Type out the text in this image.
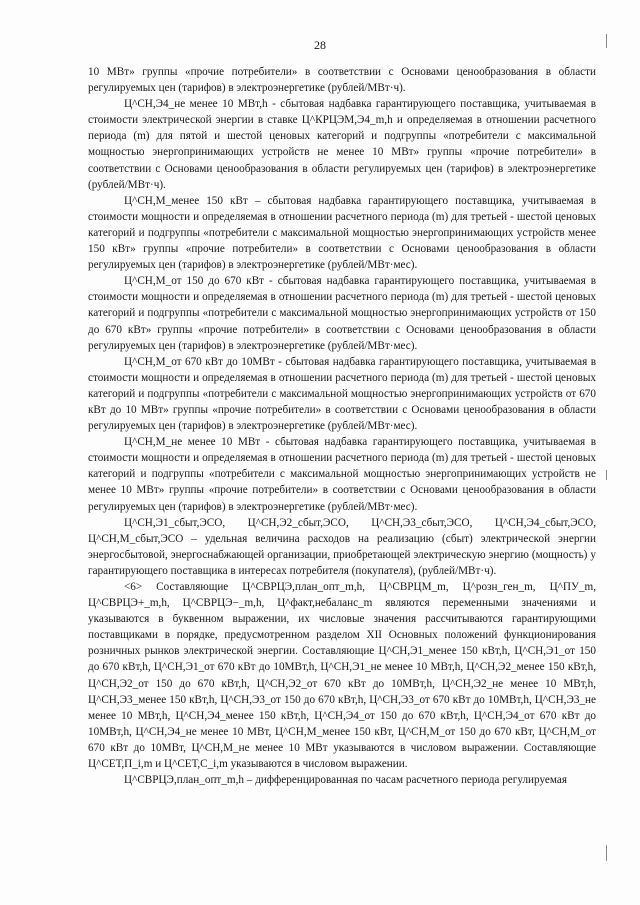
28

10 МВт» группы «прочие потребители» в соответствии с Основами ценообразования в области регулируемых цен (тарифов) в электроэнергетике (рублей/МВт·ч).

Ц^СН,Э4_не менее 10 МВт,h - сбытовая надбавка гарантирующего поставщика, учитываемая в стоимости электрической энергии в ставке Ц^КРЦЭМ,Э4_m,h и определяемая в отношении расчетного периода (m) для пятой и шестой ценовых категорий и подгруппы «потребители с максимальной мощностью энергопринимающих устройств не менее 10 МВт» группы «прочие потребители» в соответствии с Основами ценообразования в области регулируемых цен (тарифов) в электроэнергетике (рублей/МВт·ч).

Ц^СН,М_менее 150 кВт – сбытовая надбавка гарантирующего поставщика, учитываемая в стоимости мощности и определяемая в отношении расчетного периода (m) для третьей - шестой ценовых категорий и подгруппы «потребители с максимальной мощностью энергопринимающих устройств менее 150 кВт» группы «прочие потребители» в соответствии с Основами ценообразования в области регулируемых цен (тарифов) в электроэнергетике (рублей/МВт·мес).

Ц^СН,М_от 150 до 670 кВт - сбытовая надбавка гарантирующего поставщика, учитываемая в стоимости мощности и определяемая в отношении расчетного периода (m) для третьей - шестой ценовых категорий и подгруппы «потребители с максимальной мощностью энергопринимающих устройств от 150 до 670 кВт» группы «прочие потребители» в соответствии с Основами ценообразования в области регулируемых цен (тарифов) в электроэнергетике (рублей/МВт·мес).

Ц^СН,М_от 670 кВт до 10МВт - сбытовая надбавка гарантирующего поставщика, учитываемая в стоимости мощности и определяемая в отношении расчетного периода (m) для третьей - шестой ценовых категорий и подгруппы «потребители с максимальной мощностью энергопринимающих устройств от 670 кВт до 10 МВт» группы «прочие потребители» в соответствии с Основами ценообразования в области регулируемых цен (тарифов) в электроэнергетике (рублей/МВт·мес).

Ц^СН,М_не менее 10 МВт - сбытовая надбавка гарантирующего поставщика, учитываемая в стоимости мощности и определяемая в отношении расчетного периода (m) для третьей - шестой ценовых категорий и подгруппы «потребители с максимальной мощностью энергопринимающих устройств не менее 10 МВт» группы «прочие потребители» в соответствии с Основами ценообразования в области регулируемых цен (тарифов) в электроэнергетике (рублей/МВт·мес).

Ц^СН,Э1_сбыт,ЭСО, Ц^СН,Э2_сбыт,ЭСО, Ц^СН,Э3_сбыт,ЭСО, Ц^СН,Э4_сбыт,ЭСО, Ц^СН,М_сбыт,ЭСО – удельная величина расходов на реализацию (сбыт) электрической энергии энергосбытовой, энергоснабжающей организации, приобретающей электрическую энергию (мощность) у гарантирующего поставщика в интересах потребителя (покупателя), (рублей/МВт·ч).

<6> Составляющие Ц^СВРЦЭ,план_опт_m,h, Ц^СВРЦМ_m, Ц^розн_ген_m, Ц^ПУ_m, Ц^СВРЦЭ+_m,h, Ц^СВРЦЭ−_m,h, Ц^факт,небаланс_m являются переменными значениями и указываются в буквенном выражении, их числовые значения рассчитываются гарантирующими поставщиками в порядке, предусмотренном разделом XII Основных положений функционирования розничных рынков электрической энергии. Составляющие Ц^СН,Э1_менее 150 кВт,h, Ц^СН,Э1_от 150 до 670 кВт,h, Ц^СН,Э1_от 670 кВт до 10МВт,h, Ц^СН,Э1_не менее 10 МВт,h, Ц^СН,Э2_менее 150 кВт,h, Ц^СН,Э2_от 150 до 670 кВт,h, Ц^СН,Э2_от 670 кВт до 10МВт,h, Ц^СН,Э2_не менее 10 МВт,h, Ц^СН,Э3_менее 150 кВт,h, Ц^СН,Э3_от 150 до 670 кВт,h, Ц^СН,Э3_от 670 кВт до 10МВт,h, Ц^СН,Э3_не менее 10 МВт,h, Ц^СН,Э4_менее 150 кВт,h, Ц^СН,Э4_от 150 до 670 кВт,h, Ц^СН,Э4_от 670 кВт до 10МВт,h, Ц^СН,Э4_не менее 10 МВт, Ц^СН,М_менее 150 кВт, Ц^СН,М_от 150 до 670 кВт, Ц^СН,М_от 670 кВт до 10МВт, Ц^СН,М_не менее 10 МВт указываются в числовом выражении. Составляющие Ц^СЕТ,П_i,m и Ц^СЕТ,С_i,m указываются в числовом выражении.

Ц^СВРЦЭ,план_опт_m,h – дифференцированная по часам расчетного периода регулируемая
